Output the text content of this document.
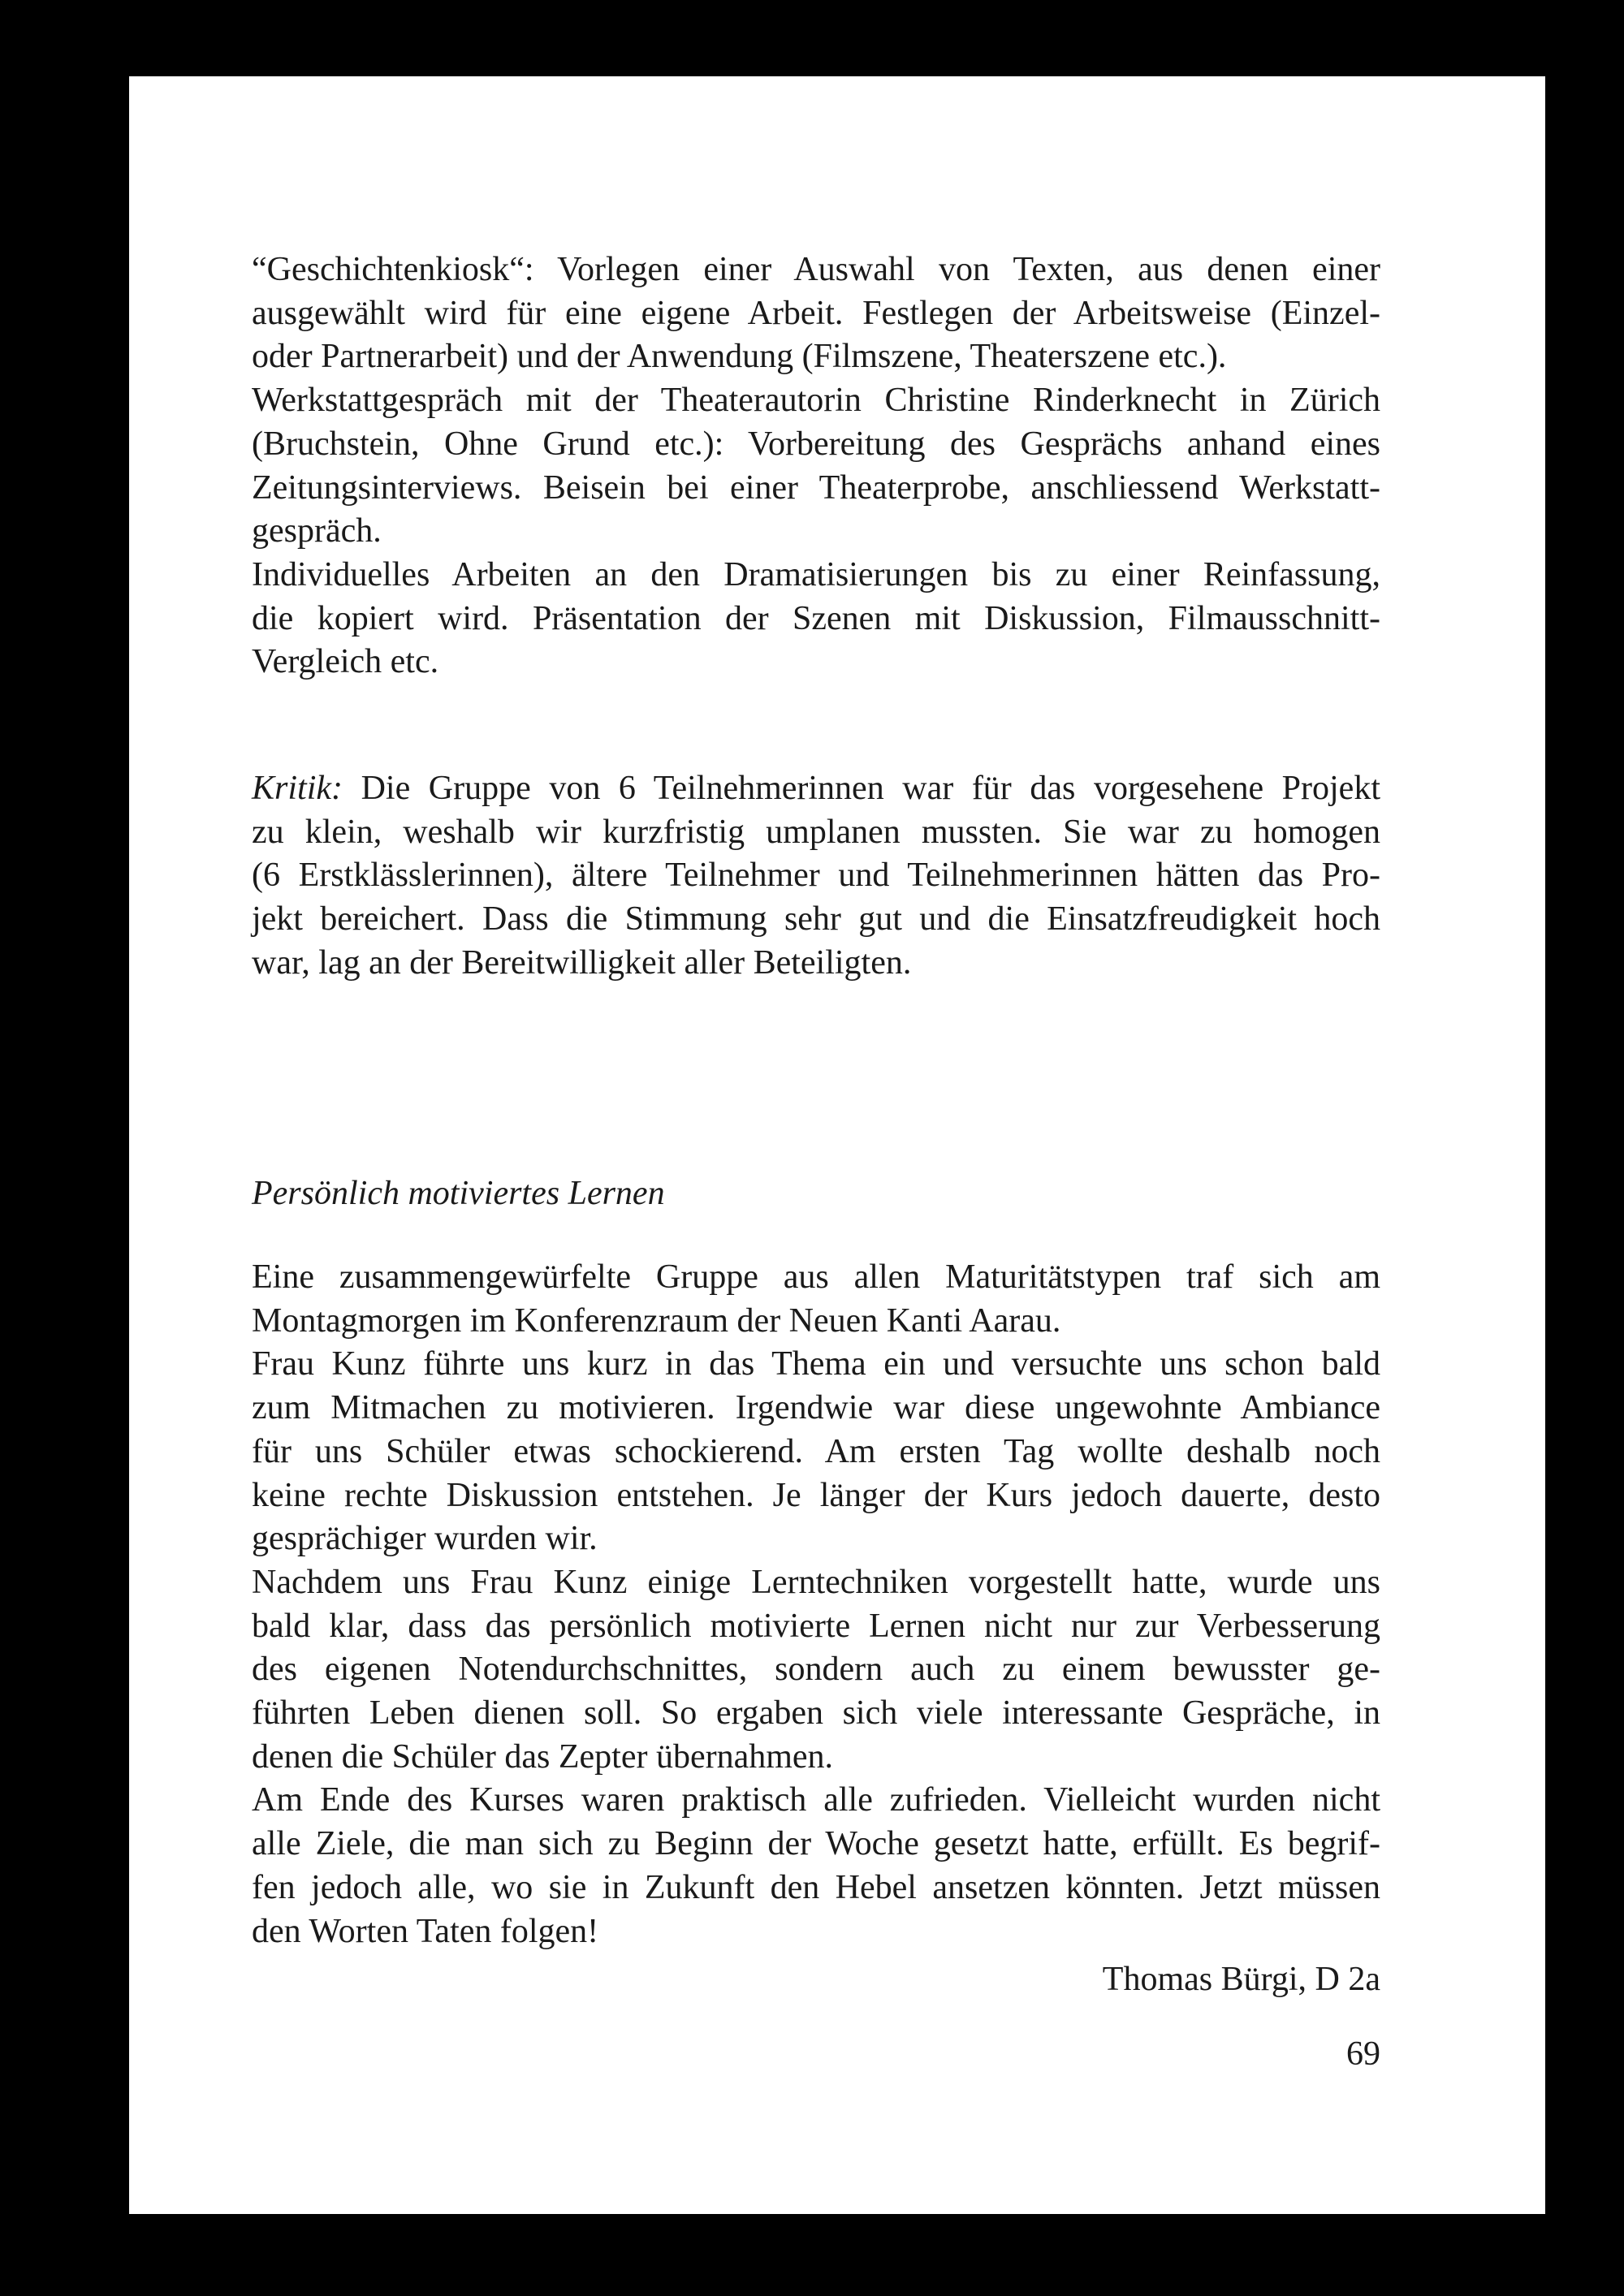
“Geschichtenkiosk“: Vorlegen einer Auswahl von Texten, aus denen einer
ausgewählt wird für eine eigene Arbeit. Festlegen der Arbeitsweise (Einzel-
oder Partnerarbeit) und der Anwendung (Filmszene, Theaterszene etc.).
Werkstattgespräch mit der Theaterautorin Christine Rinderknecht in Zürich
(Bruchstein, Ohne Grund etc.): Vorbereitung des Gesprächs anhand eines
Zeitungsinterviews. Beisein bei einer Theaterprobe, anschliessend Werkstatt-
gespräch.
Individuelles Arbeiten an den Dramatisierungen bis zu einer Reinfassung,
die kopiert wird. Präsentation der Szenen mit Diskussion, Filmausschnitt-
Vergleich etc.
Kritik: Die Gruppe von 6 Teilnehmerinnen war für das vorgesehene Projekt
zu klein, weshalb wir kurzfristig umplanen mussten. Sie war zu homogen
(6 Erstklässlerinnen), ältere Teilnehmer und Teilnehmerinnen hätten das Pro-
jekt bereichert. Dass die Stimmung sehr gut und die Einsatzfreudigkeit hoch
war, lag an der Bereitwilligkeit aller Beteiligten.
Persönlich motiviertes Lernen
Eine zusammengewürfelte Gruppe aus allen Maturitätstypen traf sich am
Montagmorgen im Konferenzraum der Neuen Kanti Aarau.
Frau Kunz führte uns kurz in das Thema ein und versuchte uns schon bald
zum Mitmachen zu motivieren. Irgendwie war diese ungewohnte Ambiance
für uns Schüler etwas schockierend. Am ersten Tag wollte deshalb noch
keine rechte Diskussion entstehen. Je länger der Kurs jedoch dauerte, desto
gesprächiger wurden wir.
Nachdem uns Frau Kunz einige Lerntechniken vorgestellt hatte, wurde uns
bald klar, dass das persönlich motivierte Lernen nicht nur zur Verbesserung
des eigenen Notendurchschnittes, sondern auch zu einem bewusster ge-
führten Leben dienen soll. So ergaben sich viele interessante Gespräche, in
denen die Schüler das Zepter übernahmen.
Am Ende des Kurses waren praktisch alle zufrieden. Vielleicht wurden nicht
alle Ziele, die man sich zu Beginn der Woche gesetzt hatte, erfüllt. Es begrif-
fen jedoch alle, wo sie in Zukunft den Hebel ansetzen könnten. Jetzt müssen
den Worten Taten folgen!
Thomas Bürgi, D 2a
69
